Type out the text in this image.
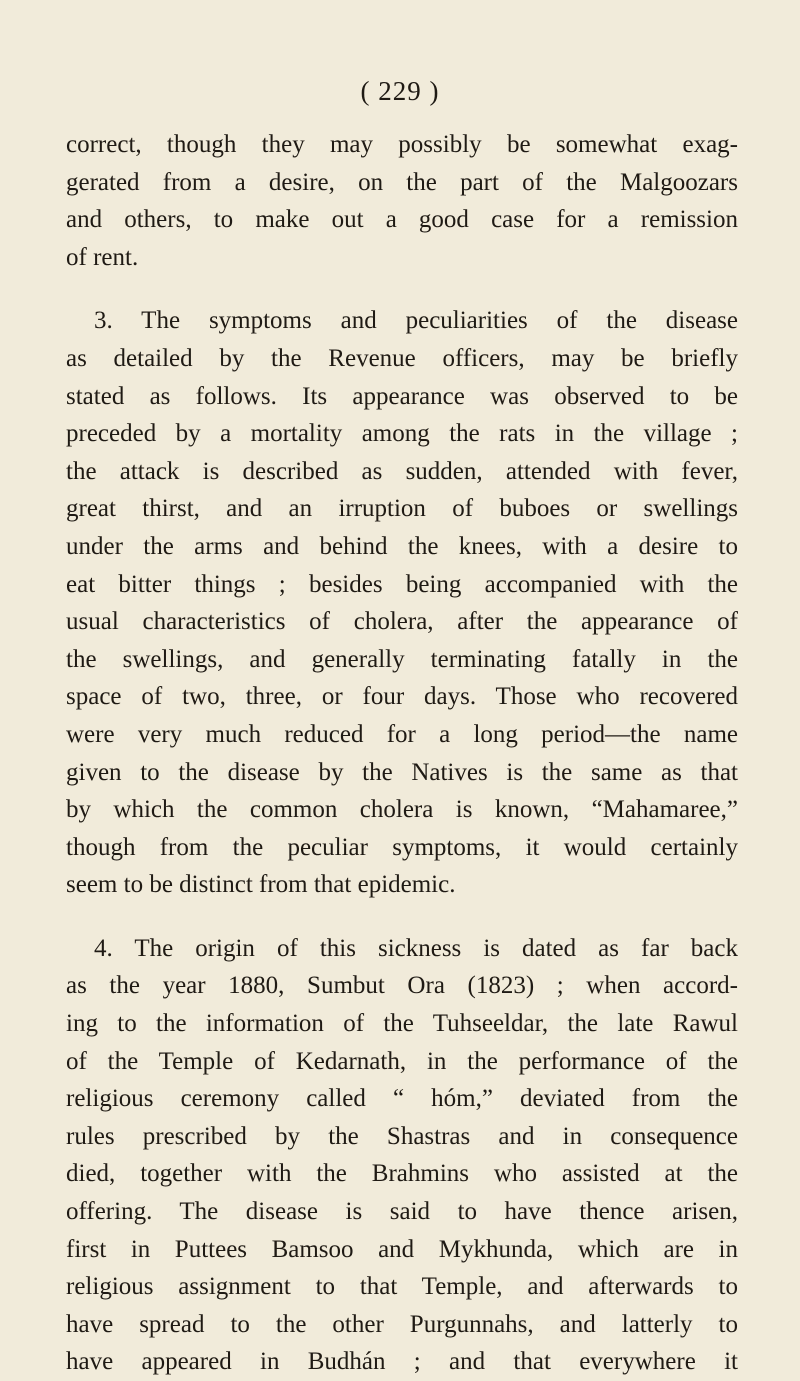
( 229 )
correct, though they may possibly be somewhat exag-
gerated from a desire, on the part of the Malgoozars
and others, to make out a good case for a remission
of rent.
3. The symptoms and peculiarities of the disease
as detailed by the Revenue officers, may be briefly
stated as follows. Its appearance was observed to be
preceded by a mortality among the rats in the village ;
the attack is described as sudden, attended with fever,
great thirst, and an irruption of buboes or swellings
under the arms and behind the knees, with a desire to
eat bitter things ; besides being accompanied with the
usual characteristics of cholera, after the appearance of
the swellings, and generally terminating fatally in the
space of two, three, or four days. Those who recovered
were very much reduced for a long period—the name
given to the disease by the Natives is the same as that
by which the common cholera is known, “Mahamaree,”
though from the peculiar symptoms, it would certainly
seem to be distinct from that epidemic.
4. The origin of this sickness is dated as far back
as the year 1880, Sumbut Ora (1823) ; when accord-
ing to the information of the Tuhseeldar, the late Rawul
of the Temple of Kedarnath, in the performance of the
religious ceremony called “ hóm,” deviated from the
rules prescribed by the Shastras and in consequence
died, together with the Brahmins who assisted at the
offering. The disease is said to have thence arisen,
first in Puttees Bamsoo and Mykhunda, which are in
religious assignment to that Temple, and afterwards to
have spread to the other Purgunnahs, and latterly to
have appeared in Budhán ; and that everywhere it
